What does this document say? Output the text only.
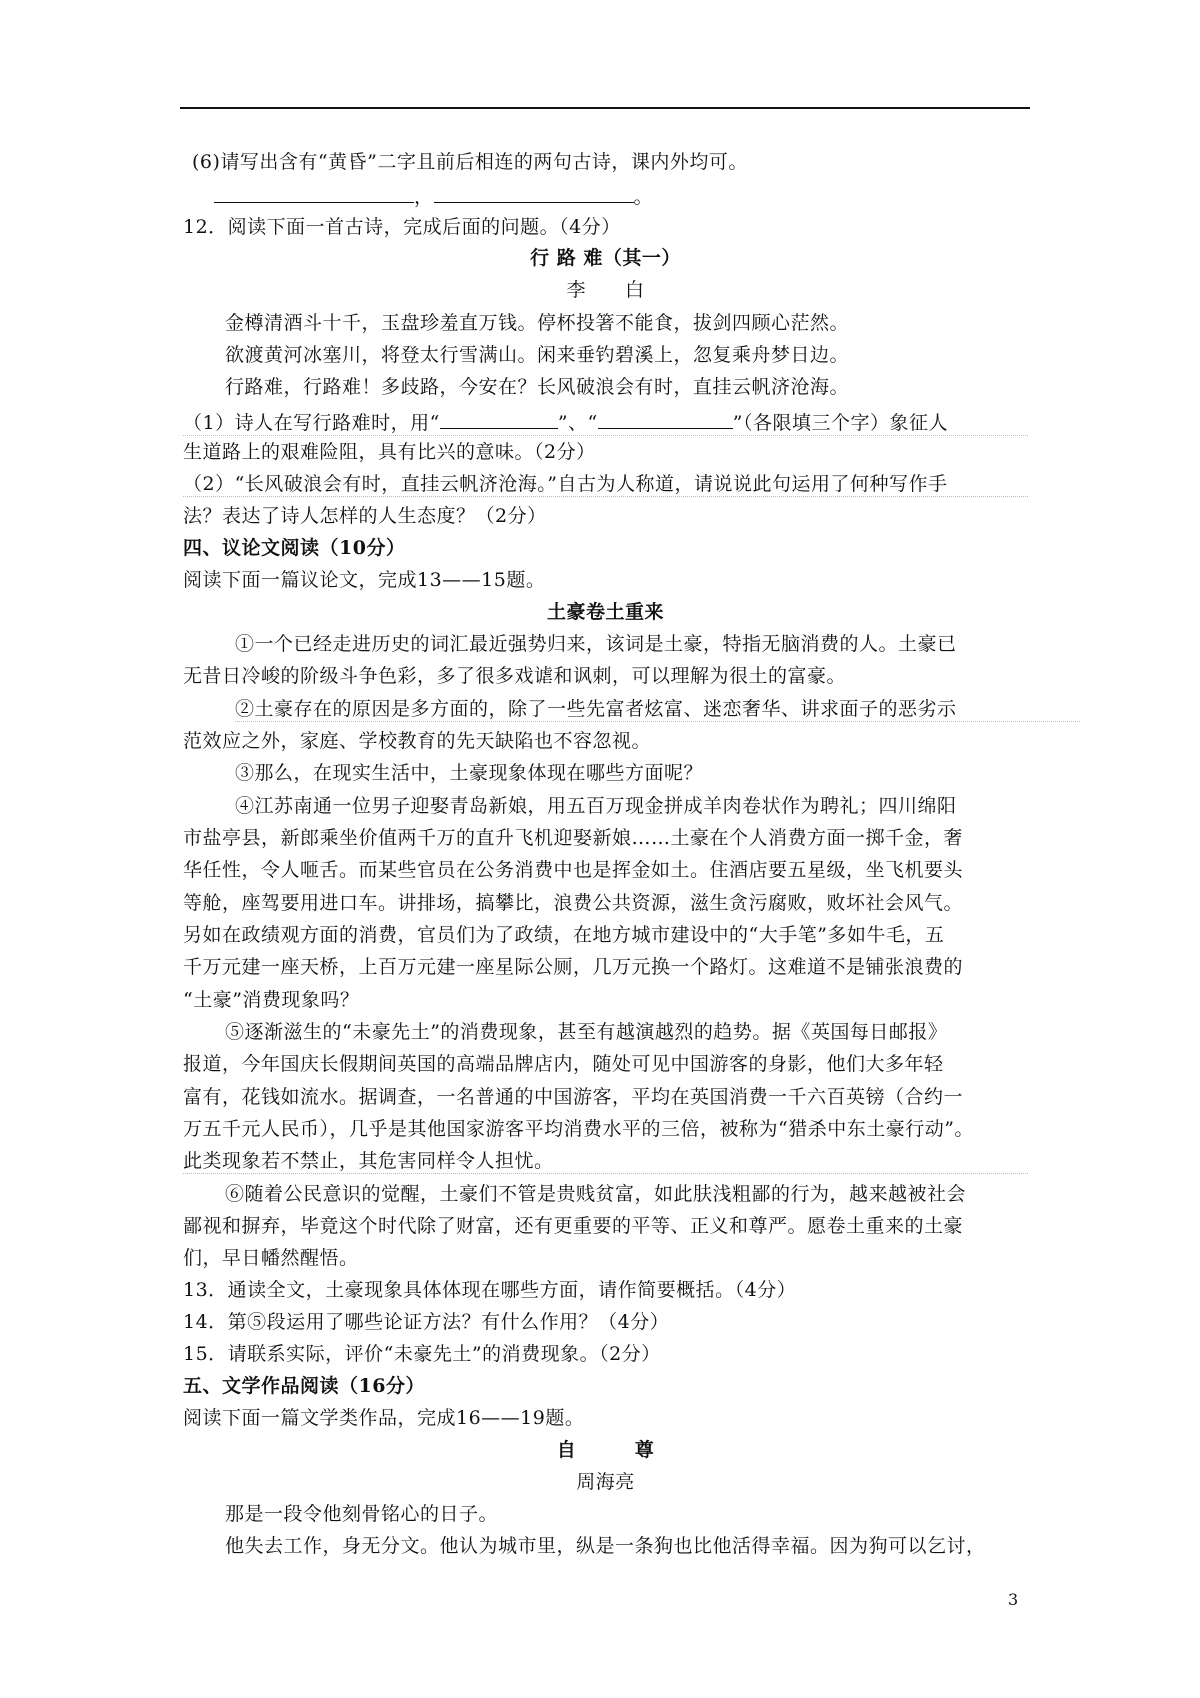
(6)请写出含有“黄昏”二字且前后相连的两句古诗，课内外均可。
，	。
12．阅读下面一首古诗，完成后面的问题。（4分）
行 路 难（其一）
李　　白
金樽清酒斗十千，玉盘珍羞直万钱。停杯投箸不能食，拔剑四顾心茫然。
欲渡黄河冰塞川，将登太行雪满山。闲来垂钓碧溪上，忽复乘舟梦日边。
行路难，行路难！多歧路，今安在？长风破浪会有时，直挂云帆济沧海。
（1）诗人在写行路难时，用“	”、“	”（各限填三个字）象征人
生道路上的艰难险阻，具有比兴的意味。（2分）
（2）“长风破浪会有时，直挂云帆济沧海。”自古为人称道，请说说此句运用了何种写作手
法？表达了诗人怎样的人生态度？（2分）
四、议论文阅读（10分）
阅读下面一篇议论文，完成13——15题。
土豪卷土重来
①一个已经走进历史的词汇最近强势归来，该词是土豪，特指无脑消费的人。土豪已
无昔日冷峻的阶级斗争色彩，多了很多戏谑和讽刺，可以理解为很土的富豪。
②土豪存在的原因是多方面的，除了一些先富者炫富、迷恋奢华、讲求面子的恶劣示
范效应之外，家庭、学校教育的先天缺陷也不容忽视。
③那么，在现实生活中，土豪现象体现在哪些方面呢？
④江苏南通一位男子迎娶青岛新娘，用五百万现金拼成羊肉卷状作为聘礼；四川绵阳
市盐亭县，新郎乘坐价值两千万的直升飞机迎娶新娘……土豪在个人消费方面一掷千金，奢
华任性，令人咂舌。而某些官员在公务消费中也是挥金如土。住酒店要五星级，坐飞机要头
等舱，座驾要用进口车。讲排场，搞攀比，浪费公共资源，滋生贪污腐败，败坏社会风气。
另如在政绩观方面的消费，官员们为了政绩，在地方城市建设中的“大手笔”多如牛毛，五
千万元建一座天桥，上百万元建一座星际公厕，几万元换一个路灯。这难道不是铺张浪费的
“土豪”消费现象吗？
⑤逐渐滋生的“未豪先土”的消费现象，甚至有越演越烈的趋势。据《英国每日邮报》
报道，今年国庆长假期间英国的高端品牌店内，随处可见中国游客的身影，他们大多年轻
富有，花钱如流水。据调查，一名普通的中国游客，平均在英国消费一千六百英镑（合约一
万五千元人民币），几乎是其他国家游客平均消费水平的三倍，被称为“猎杀中东土豪行动”。
此类现象若不禁止，其危害同样令人担忧。
⑥随着公民意识的觉醒，土豪们不管是贵贱贫富，如此肤浅粗鄙的行为，越来越被社会
鄙视和摒弃，毕竟这个时代除了财富，还有更重要的平等、正义和尊严。愿卷土重来的土豪
们，早日幡然醒悟。
13．通读全文，土豪现象具体体现在哪些方面，请作简要概括。（4分）
14．第⑤段运用了哪些论证方法？有什么作用？（4分）
15．请联系实际，评价“未豪先土”的消费现象。（2分）
五、文学作品阅读（16分）
阅读下面一篇文学类作品，完成16——19题。
自　　　尊
周海亮
那是一段令他刻骨铭心的日子。
他失去工作，身无分文。他认为城市里，纵是一条狗也比他活得幸福。因为狗可以乞讨，
3
